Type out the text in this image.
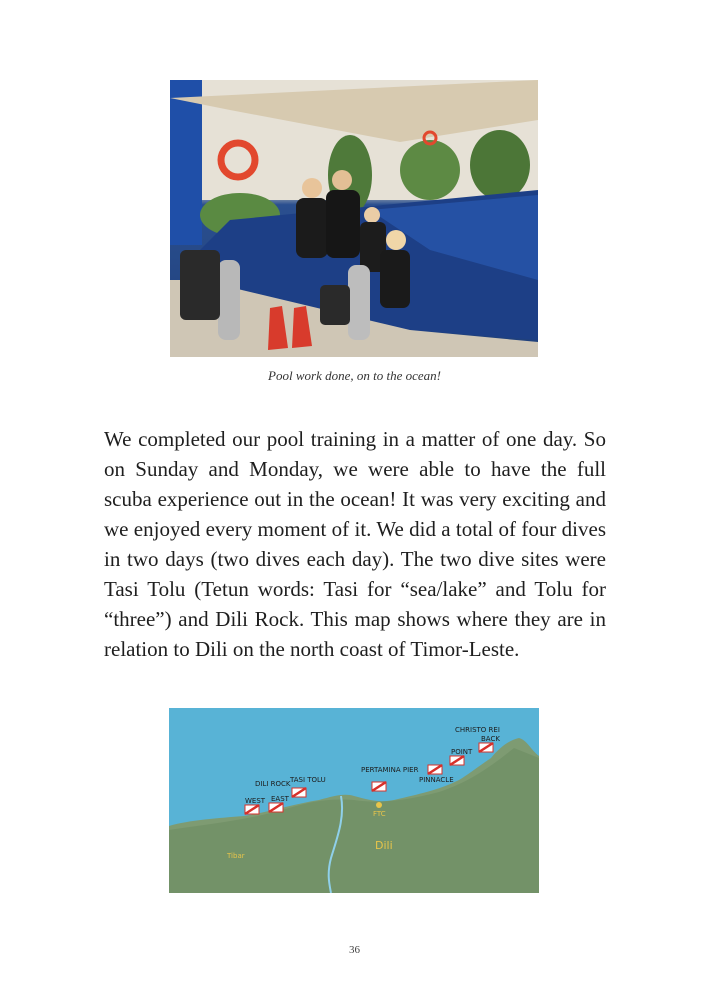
Pool work done, on to the ocean!
We completed our pool training in a matter of one day. So on Sunday and Monday, we were able to have the full scuba experience out in the ocean! It was very exciting and we enjoyed every moment of it. We did a total of four dives in two days (two dives each day). The two dive sites were Tasi Tolu (Tetun words: Tasi for “sea/lake” and Tolu for “three”) and Dili Rock. This map shows where they are in relation to Dili on the north coast of Timor-Leste.
DILI ROCK
WEST EAST
TASI TOLU
PERTAMINA PIER
PINNACLE
CHRISTO REI
POINT
BACK
FTC
Dili
Tibar
36
